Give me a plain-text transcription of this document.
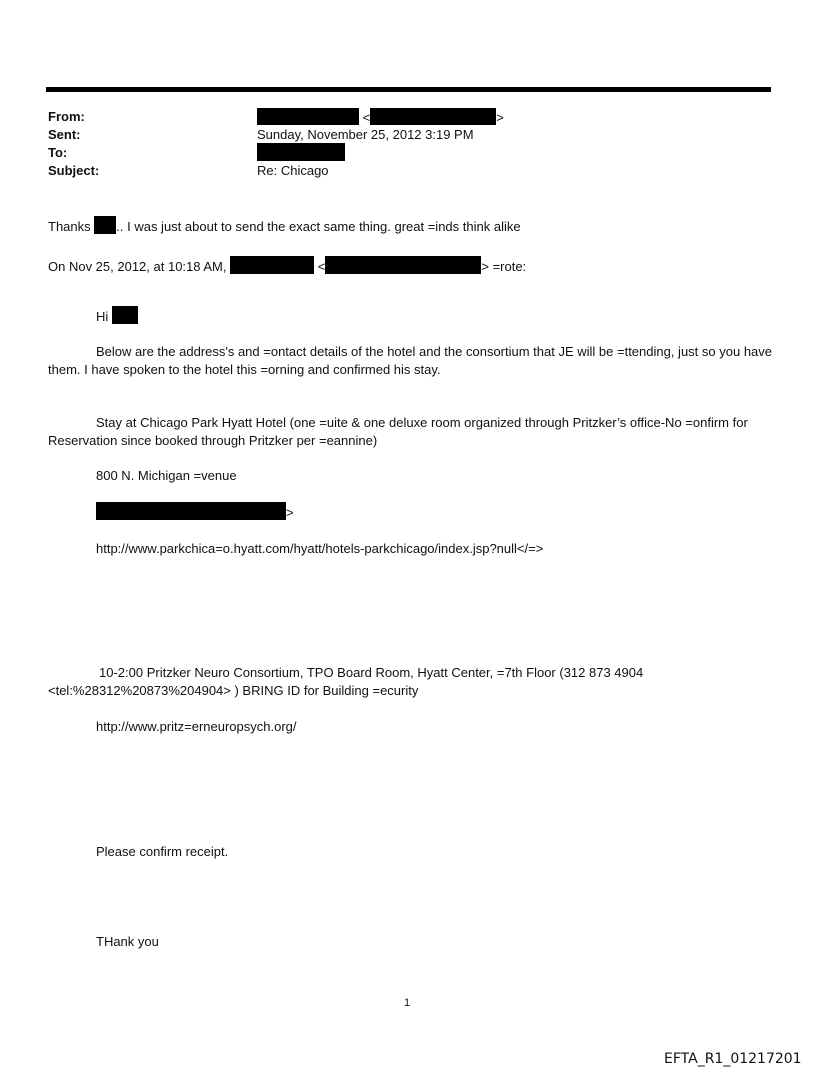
From:	<	>
Sent:	Sunday, November 25, 2012 3:19 PM
To:
Subject:	Re: Chicago
Thanks .. I was just about to send the exact same thing. great =inds think alike
On Nov 25, 2012, at 10:18 AM,	<	> =rote:
Hi
Below are the address's and =ontact details of the hotel and the consortium that JE will be =ttending, just so you have them. I have spoken to the hotel this =orning and confirmed his stay.
Stay at Chicago Park Hyatt Hotel (one =uite & one deluxe room organized through Pritzker’s office-No =onfirm for Reservation since booked through Pritzker per =eannine)
800 N. Michigan =venue
>
http://www.parkchica=o.hyatt.com/hyatt/hotels-parkchicago/index.jsp?null</=>
10-2:00 Pritzker Neuro Consortium, TPO Board Room, Hyatt Center, =7th Floor (312 873 4904
<tel:%28312%20873%204904> ) BRING ID for Building =ecurity
http://www.pritz=erneuropsych.org/
Please confirm receipt.
THank you
1
EFTA_R1_01217201
